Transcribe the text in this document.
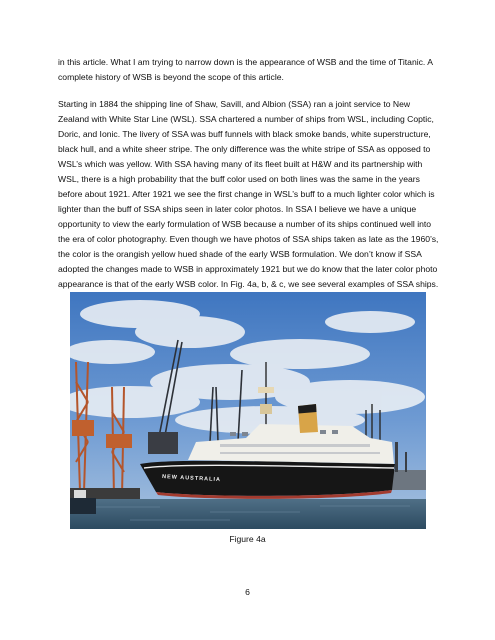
in this article. What I am trying to narrow down is the appearance of WSB and the time of Titanic. A complete history of WSB is beyond the scope of this article.

Starting in 1884 the shipping line of Shaw, Savill, and Albion (SSA) ran a joint service to New Zealand with White Star Line (WSL). SSA chartered a number of ships from WSL, including Coptic, Doric, and Ionic. The livery of SSA was buff funnels with black smoke bands, white superstructure, black hull, and a white sheer stripe. The only difference was the white stripe of SSA as opposed to WSL’s which was yellow. With SSA having many of its fleet built at H&W and its partnership with WSL, there is a high probability that the buff color used on both lines was the same in the years before about 1921. After 1921 we see the first change in WSL’s buff to a much lighter color which is lighter than the buff of SSA ships seen in later color photos. In SSA I believe we have a unique opportunity to view the early formulation of WSB because a number of its ships continued well into the era of color photography. Even though we have photos of SSA ships taken as late as the 1960’s, the color is the orangish yellow hued shade of the early WSB formulation. We don’t know if SSA adopted the changes made to WSB in approximately 1921 but we do know that the later color photo appearance is that of the early WSB color. In Fig. 4a, b, & c, we see several examples of SSA ships.

NEW AUSTRALIA
Figure 4a
6
